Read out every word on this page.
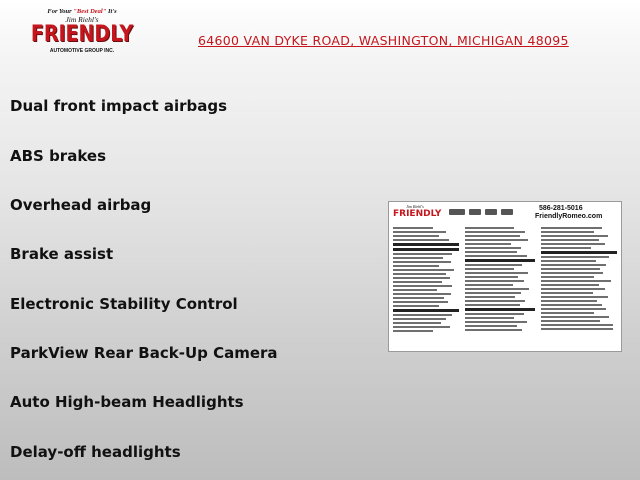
For Your "Best Deal" It's
Jim Riehl's
FRIENDLY
AUTOMOTIVE GROUP INC.
64600 VAN DYKE ROAD, WASHINGTON, MICHIGAN 48095
Dual front impact airbags
ABS brakes
Overhead airbag
Brake assist
Electronic Stability Control
ParkView Rear Back-Up Camera
Auto High-beam Headlights
Delay-off headlights
Jim Riehl's
FRIENDLY
586-281-5016
FriendlyRomeo.com
